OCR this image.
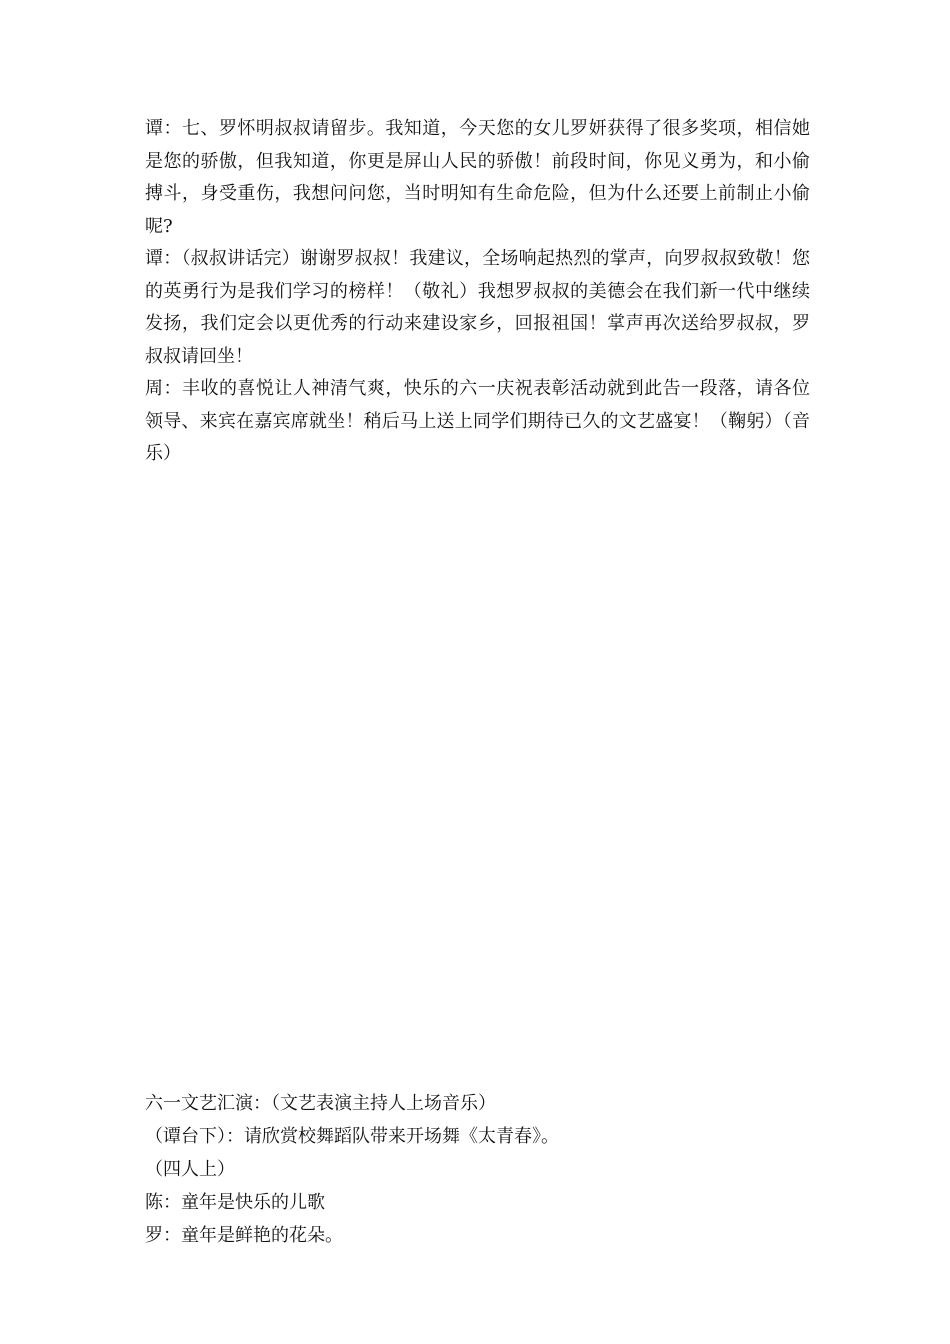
谭：七、罗怀明叔叔请留步。我知道，今天您的女儿罗妍获得了很多奖项，相信她是您的骄傲，但我知道，你更是屏山人民的骄傲！前段时间，你见义勇为，和小偷搏斗，身受重伤，我想问问您，当时明知有生命危险，但为什么还要上前制止小偷呢?

谭：（叔叔讲话完）谢谢罗叔叔！我建议，全场响起热烈的掌声，向罗叔叔致敬！您的英勇行为是我们学习的榜样！（敬礼）我想罗叔叔的美德会在我们新一代中继续发扬，我们定会以更优秀的行动来建设家乡，回报祖国！掌声再次送给罗叔叔，罗叔叔请回坐！

周：丰收的喜悦让人神清气爽，快乐的六一庆祝表彰活动就到此告一段落，请各位领导、来宾在嘉宾席就坐！稍后马上送上同学们期待已久的文艺盛宴！（鞠躬）（音乐）

六一文艺汇演：（文艺表演主持人上场音乐）

（谭台下）：请欣赏校舞蹈队带来开场舞《太青春》。

（四人上）

陈：童年是快乐的儿歌

罗：童年是鲜艳的花朵。
